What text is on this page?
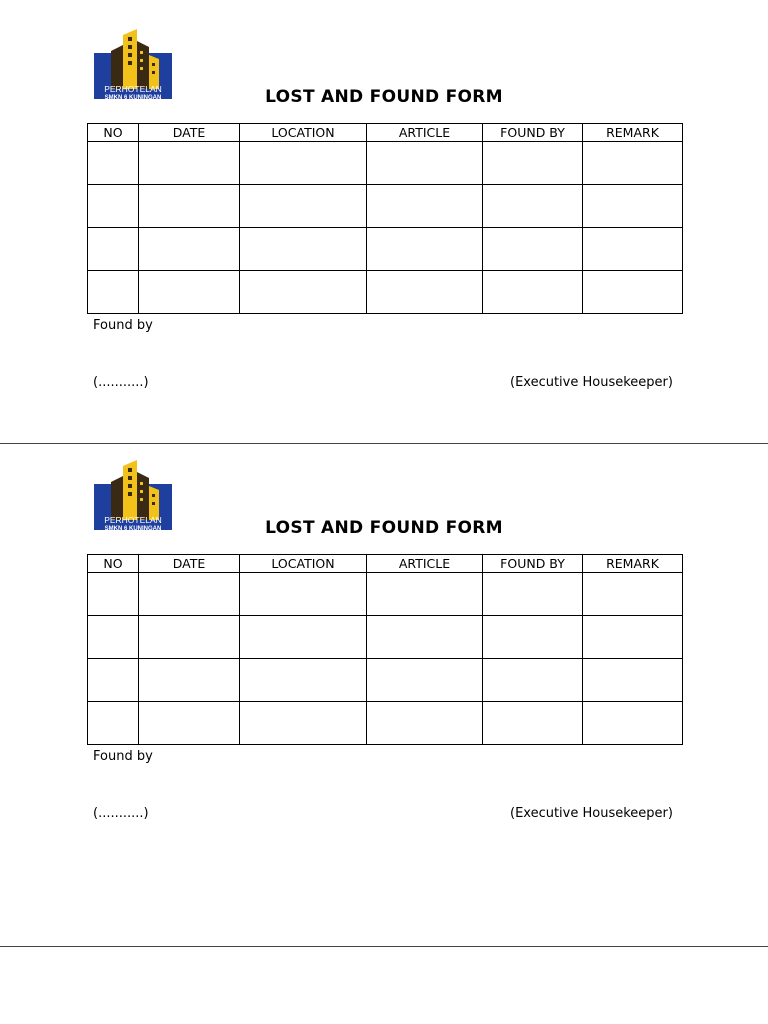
PERHOTELAN
SMKN 6 KUNINGAN	LOST AND FOUND FORM
NO	DATE	LOCATION	ARTICLE	FOUND BY	REMARK

Found by
(...........)	(Executive Housekeeper)
PERHOTELAN
SMKN 6 KUNINGAN	LOST AND FOUND FORM
NO	DATE	LOCATION	ARTICLE	FOUND BY	REMARK

Found by
(...........)	(Executive Housekeeper)
